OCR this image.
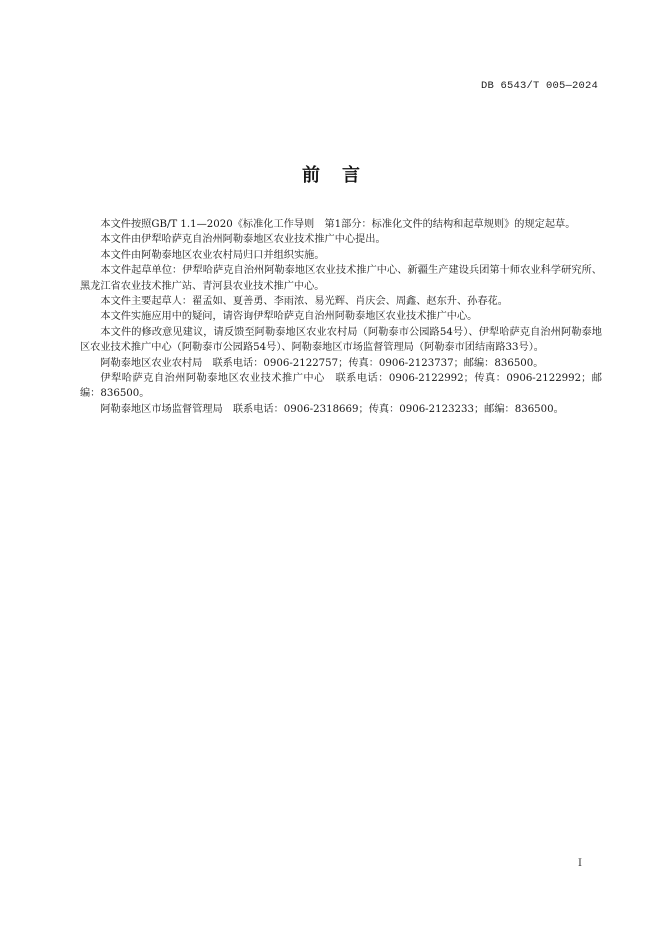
DB 6543/T 005—2024
前言

本文件按照GB/T 1.1—2020《标准化工作导则　第1部分：标准化文件的结构和起草规则》的规定起草。

本文件由伊犁哈萨克自治州阿勒泰地区农业技术推广中心提出。

本文件由阿勒泰地区农业农村局归口并组织实施。

本文件起草单位：伊犁哈萨克自治州阿勒泰地区农业技术推广中心、新疆生产建设兵团第十师农业科学研究所、黑龙江省农业技术推广站、青河县农业技术推广中心。

本文件主要起草人：翟孟如、夏善勇、李雨浓、易光辉、肖庆会、周鑫、赵东升、孙春花。

本文件实施应用中的疑问，请咨询伊犁哈萨克自治州阿勒泰地区农业技术推广中心。

本文件的修改意见建议，请反馈至阿勒泰地区农业农村局（阿勒泰市公园路54号）、伊犁哈萨克自治州阿勒泰地区农业技术推广中心（阿勒泰市公园路54号）、阿勒泰地区市场监督管理局（阿勒泰市团结南路33号）。

阿勒泰地区农业农村局　联系电话：0906-2122757；传真：0906-2123737；邮编：836500。

伊犁哈萨克自治州阿勒泰地区农业技术推广中心　联系电话：0906-2122992；传真：0906-2122992；邮编：836500。

阿勒泰地区市场监督管理局　联系电话：0906-2318669；传真：0906-2123233；邮编：836500。

I
